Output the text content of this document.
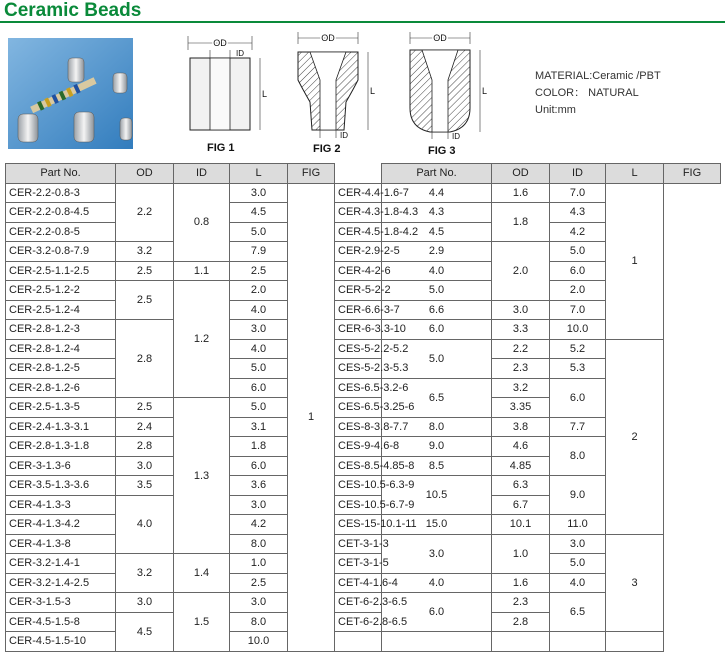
Ceramic Beads
OD
ID
L
FIG 1
OD
ID
L
FIG 2
OD
ID
L
FIG 3
MATERIAL:Ceramic /PBT
COLOR： NATURAL
Unit:mm
Part No.	OD	ID	L	FIG		Part No.	OD	ID	L	FIG
CER-2.2-0.8-3	2.2	0.8	3.0	1	CER-4.4-1.6-7	4.4	1.6	7.0	1	
CER-2.2-0.8-4.5			4.5		CER-4.3-1.8-4.3	4.3	1.8	4.3		
CER-2.2-0.8-5			5.0		CER-4.5-1.8-4.2	4.5		4.2		
CER-3.2-0.8-7.9	3.2		7.9		CER-2.9-2-5	2.9	2.0	5.0		
CER-2.5-1.1-2.5	2.5	1.1	2.5		CER-4-2-6	4.0		6.0		
CER-2.5-1.2-2	2.5	1.2	2.0		CER-5-2-2	5.0		2.0		
CER-2.5-1.2-4			4.0		CER-6.6-3-7	6.6	3.0	7.0		
CER-2.8-1.2-3	2.8		3.0		CER-6-3.3-10	6.0	3.3	10.0		
CER-2.8-1.2-4			4.0		CES-5-2.2-5.2	5.0	2.2	5.2	2	
CER-2.8-1.2-5			5.0		CES-5-2.3-5.3		2.3	5.3		
CER-2.8-1.2-6			6.0		CES-6.5-3.2-6	6.5	3.2	6.0		
CER-2.5-1.3-5	2.5	1.3	5.0		CES-6.5-3.25-6		3.35			
CER-2.4-1.3-3.1	2.4		3.1		CES-8-3.8-7.7	8.0	3.8	7.7		
CER-2.8-1.3-1.8	2.8		1.8		CES-9-4.6-8	9.0	4.6	8.0		
CER-3-1.3-6	3.0		6.0		CES-8.5-4.85-8	8.5	4.85			
CER-3.5-1.3-3.6	3.5		3.6		CES-10.5-6.3-9	10.5	6.3	9.0		
CER-4-1.3-3	4.0		3.0		CES-10.5-6.7-9		6.7			
CER-4-1.3-4.2			4.2		CES-15-10.1-11	15.0	10.1	11.0		
CER-4-1.3-8			8.0		CET-3-1-3	3.0	1.0	3.0	3	
CER-3.2-1.4-1	3.2	1.4	1.0		CET-3-1-5			5.0		
CER-3.2-1.4-2.5			2.5		CET-4-1.6-4	4.0	1.6	4.0		
CER-3-1.5-3	3.0	1.5	3.0		CET-6-2.3-6.5	6.0	2.3	6.5		
CER-4.5-1.5-8	4.5		8.0		CET-6-2.8-6.5		2.8			
CER-4.5-1.5-10			10.0							
